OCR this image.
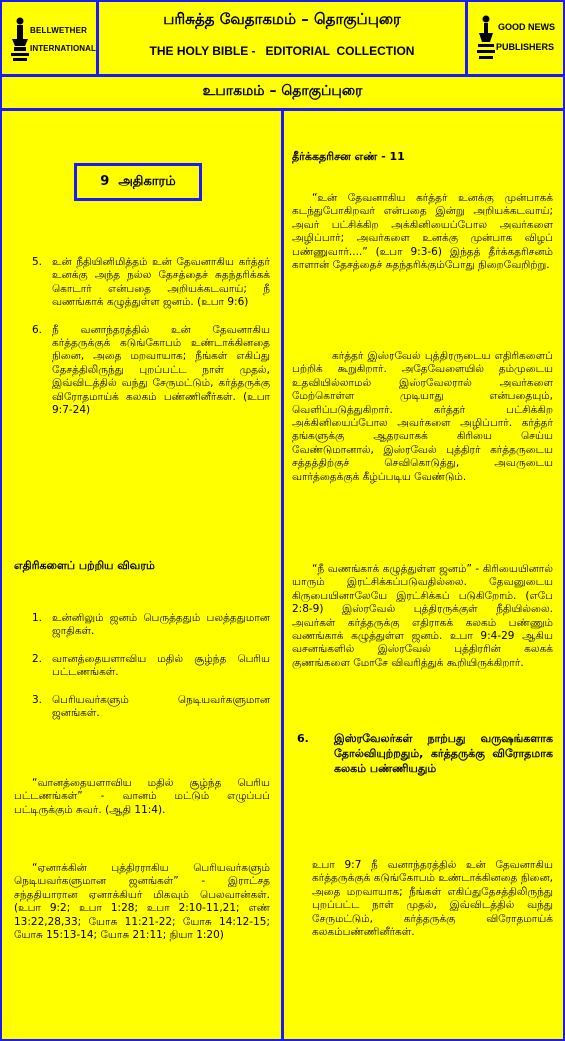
BELLWETHER
INTERNATIONAL
பரிசுத்த வேதாகமம் – தொகுப்புரை
THE HOLY BIBLE -   EDITORIAL  COLLECTION
GOOD NEWS
PUBLISHERS
உபாகமம் – தொகுப்புரை
9  அதிகாரம்
5. உன் நீதியினிமித்தம் உன் தேவனாகிய கர்த்தர் உனக்கு அந்த நல்ல தேசத்தைச் சுதந்தரிக்கக் கொடார் என்பதை அறியக்கடவாய்; நீ வணங்காக் கழுத்துள்ள ஜனம். (உபா 9:6)
6. நீ வனாந்தரத்தில் உன் தேவனாகிய கர்த்தருக்குக் கடுங்கோபம் உண்டாக்கினதை நினை, அதை மறவாயாக; நீங்கள் எகிப்து தேசத்திலிருந்து புறப்பட்ட நாள் முதல், இவ்விடத்தில் வந்து சேருமட்டும், கர்த்தருக்கு விரோதமாய்க் கலகம் பண்ணினீர்கள். (உபா 9:7-24)
எதிரிகளைப் பற்றிய விவரம்
1. உன்னிலும் ஜனம் பெருத்ததும் பலத்ததுமான ஜாதிகள்.
2. வானத்தையளாவிய மதில் சூழ்ந்த பெரிய பட்டணங்கள்.
3. பெரியவர்களும் நெடியவர்களுமான ஜனங்கள்.
“வானத்தையளாவிய மதில் சூழ்ந்த பெரிய பட்டணங்கள்” - வானம் மட்டும் எழுப்பப் பட்டிருக்கும் சுவர். (ஆதி 11:4).
“ஏனாக்கின் புத்திரராகிய பெரியவர்களும் நெடியவர்களுமான ஜனங்கள்” - இராட்சத சந்ததியாரான ஏனாக்கியர் மிகவும் பெலவான்கள். (உபா 9:2; உபா 1:28; உபா 2:10-11,21; எண் 13:22,28,33; யோசு 11:21-22; யோசு 14:12-15; யோசு 15:13-14; யோசு 21:11; நியா 1:20)
தீர்க்கதரிசன எண் - 11
“உன் தேவனாகிய கர்த்தர் உனக்கு முன்பாகக் கடந்துபோகிறவர் என்பதை இன்று அறியக்கடவாய்; அவர் பட்சிக்கிற அக்கினியைப்போல அவர்களை அழிப்பார்; அவர்களை உனக்கு முன்பாக விழப் பண்ணுவார்....” (உபா 9:3-6) இந்தத் தீர்க்கதரிசனம் காளான் தேசத்தைச் சுதந்தரிக்கும்போது நிறைவேறிற்று.
கர்த்தர் இஸ்ரவேல் புத்திரருடைய எதிரிகளைப் பற்றிக் கூறுகிறார். அதேவேளையில் தம்முடைய உதவியில்லாமல் இஸ்ரவேலரால் அவர்களை மேற்கொள்ள முடியாது என்பதையும், வெளிப்படுத்துகிறார். கர்த்தர் பட்சிக்கிற அக்கினியைப்போல அவர்களை அழிப்பார். கர்த்தர் தங்களுக்கு ஆதரவாகக் கிரியை செய்ய வேண்டுமானால், இஸ்ரவேல் புத்திரர் கர்த்தருடைய சத்தத்திற்குச் செவிகொடுத்து, அவருடைய வார்த்தைக்குக் கீழ்ப்படிய வேண்டும்.
“நீ வணங்காக் கழுத்துள்ள ஜனம்” - கிரியையினால் யாரும் இரட்சிக்கப்படுவதில்லை. தேவனுடைய கிருபையினாலேயே இரட்சிக்கப் படுகிறோம். (எபே 2:8-9) இஸ்ரவேல் புத்திரருக்குள் நீதியில்லை. அவர்கள் கர்த்தருக்கு எதிராகக் கலகம் பண்ணும் வணங்காக் கழுத்துள்ள ஜனம். உபா 9:4-29 ஆகிய வசனங்களில் இஸ்ரவேல் புத்திரரின் கலகக் குணங்களை மோசே விவரித்துக் கூறியிருக்கிறார்.
6. இஸ்ரவேலர்கள் நாற்பது வருஷங்களாக தோல்வியுற்றதும், கர்த்தருக்கு விரோதமாக கலகம் பண்ணியதும்
உபா 9:7 நீ வனாந்தரத்தில் உன் தேவனாகிய கர்த்தருக்குக் கடுங்கோபம் உண்டாக்கினதை நினை, அதை மறவாயாக; நீங்கள் எகிப்துதேசத்திலிருந்து புறப்பட்ட நாள் முதல், இவ்விடத்தில் வந்து சேருமட்டும், கர்த்தருக்கு விரோதமாய்க் கலகம்பண்ணினீர்கள்.
